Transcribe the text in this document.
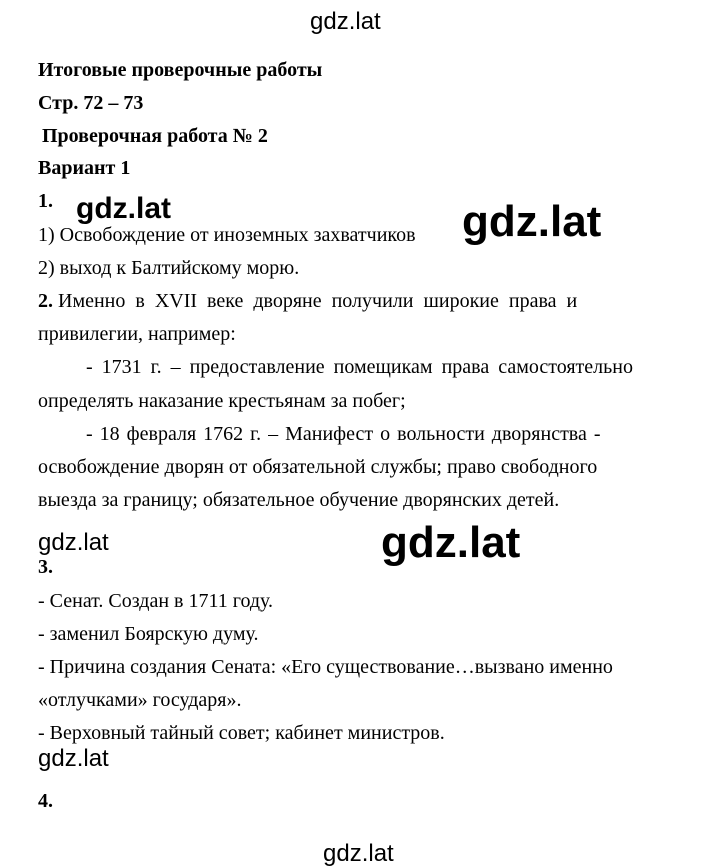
gdz.lat
gdz.lat	gdz.lat
gdz.lat	gdz.lat
gdz.lat
gdz.lat
Итоговые проверочные работы
Стр. 72 – 73
Проверочная работа № 2
Вариант 1
1.
1) Освобождение от иноземных захватчиков
2) выход к Балтийскому морю.
2. Именно в XVII веке дворяне получили широкие права и
привилегии, например:
- 1731 г. – предоставление помещикам права самостоятельно
определять наказание крестьянам за побег;
- 18 февраля 1762 г. – Манифест о вольности дворянства -
освобождение дворян от обязательной службы; право свободного
выезда за границу; обязательное обучение дворянских детей.
3.
- Сенат. Создан в 1711 году.
- заменил Боярскую думу.
- Причина создания Сената: «Его существование…вызвано именно
«отлучками» государя».
- Верховный тайный совет; кабинет министров.
4.
